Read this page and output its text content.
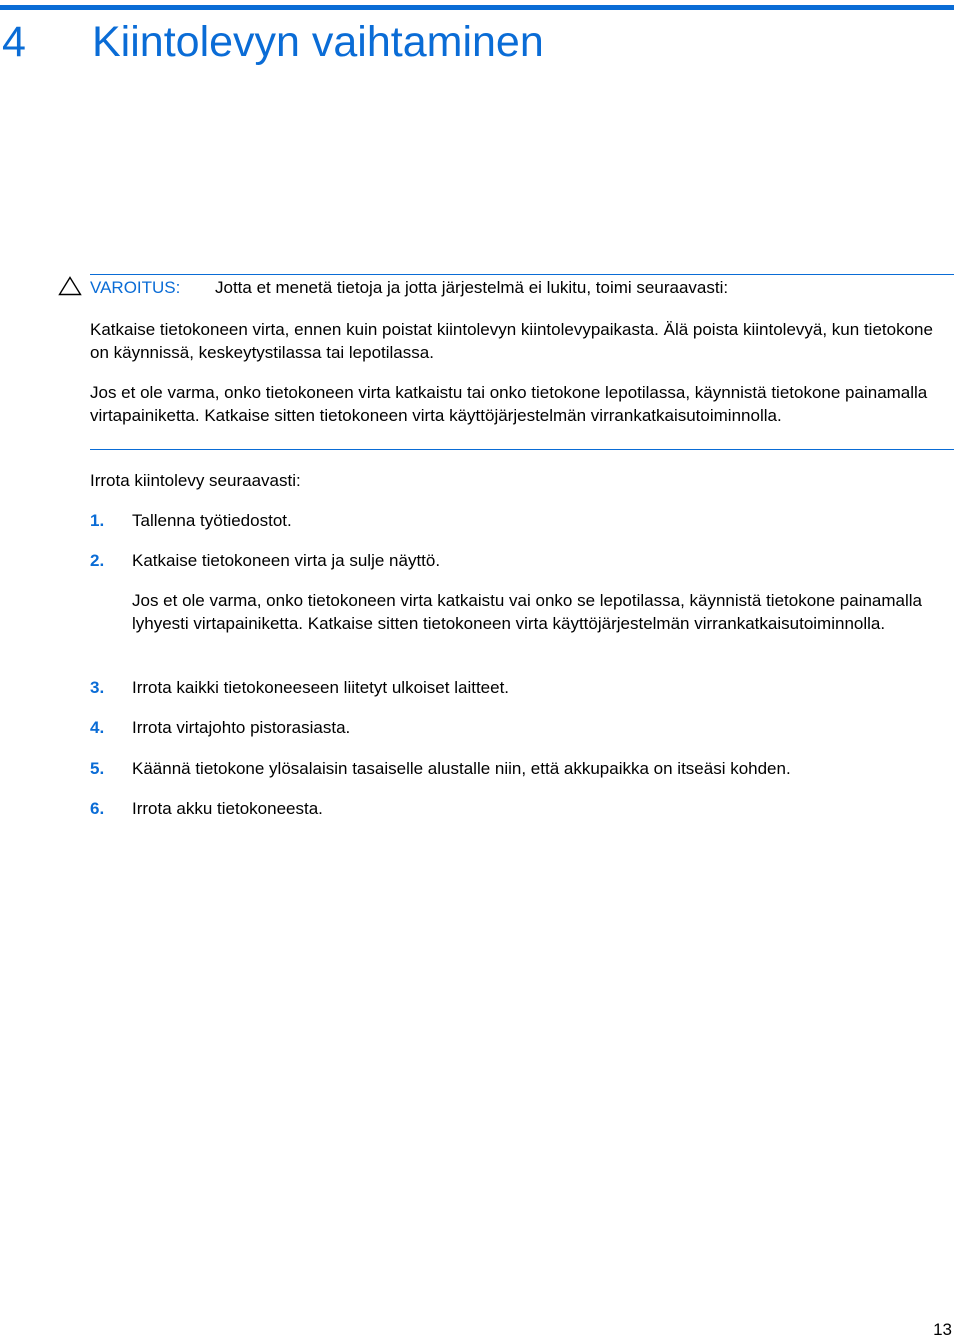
4	Kiintolevyn vaihtaminen
VAROITUS: Jotta et menetä tietoja ja jotta järjestelmä ei lukitu, toimi seuraavasti:

Katkaise tietokoneen virta, ennen kuin poistat kiintolevyn kiintolevypaikasta. Älä poista kiintolevyä, kun tietokone on käynnissä, keskeytystilassa tai lepotilassa.

Jos et ole varma, onko tietokoneen virta katkaistu tai onko tietokone lepotilassa, käynnistä tietokone painamalla virtapainiketta. Katkaise sitten tietokoneen virta käyttöjärjestelmän virrankatkaisutoiminnolla.

Irrota kiintolevy seuraavasti:

1. Tallenna työtiedostot.
2. Katkaise tietokoneen virta ja sulje näyttö.

Jos et ole varma, onko tietokoneen virta katkaistu vai onko se lepotilassa, käynnistä tietokone painamalla lyhyesti virtapainiketta. Katkaise sitten tietokoneen virta käyttöjärjestelmän virrankatkaisutoiminnolla.

3. Irrota kaikki tietokoneeseen liitetyt ulkoiset laitteet.
4. Irrota virtajohto pistorasiasta.
5. Käännä tietokone ylösalaisin tasaiselle alustalle niin, että akkupaikka on itseäsi kohden.
6. Irrota akku tietokoneesta.
13
